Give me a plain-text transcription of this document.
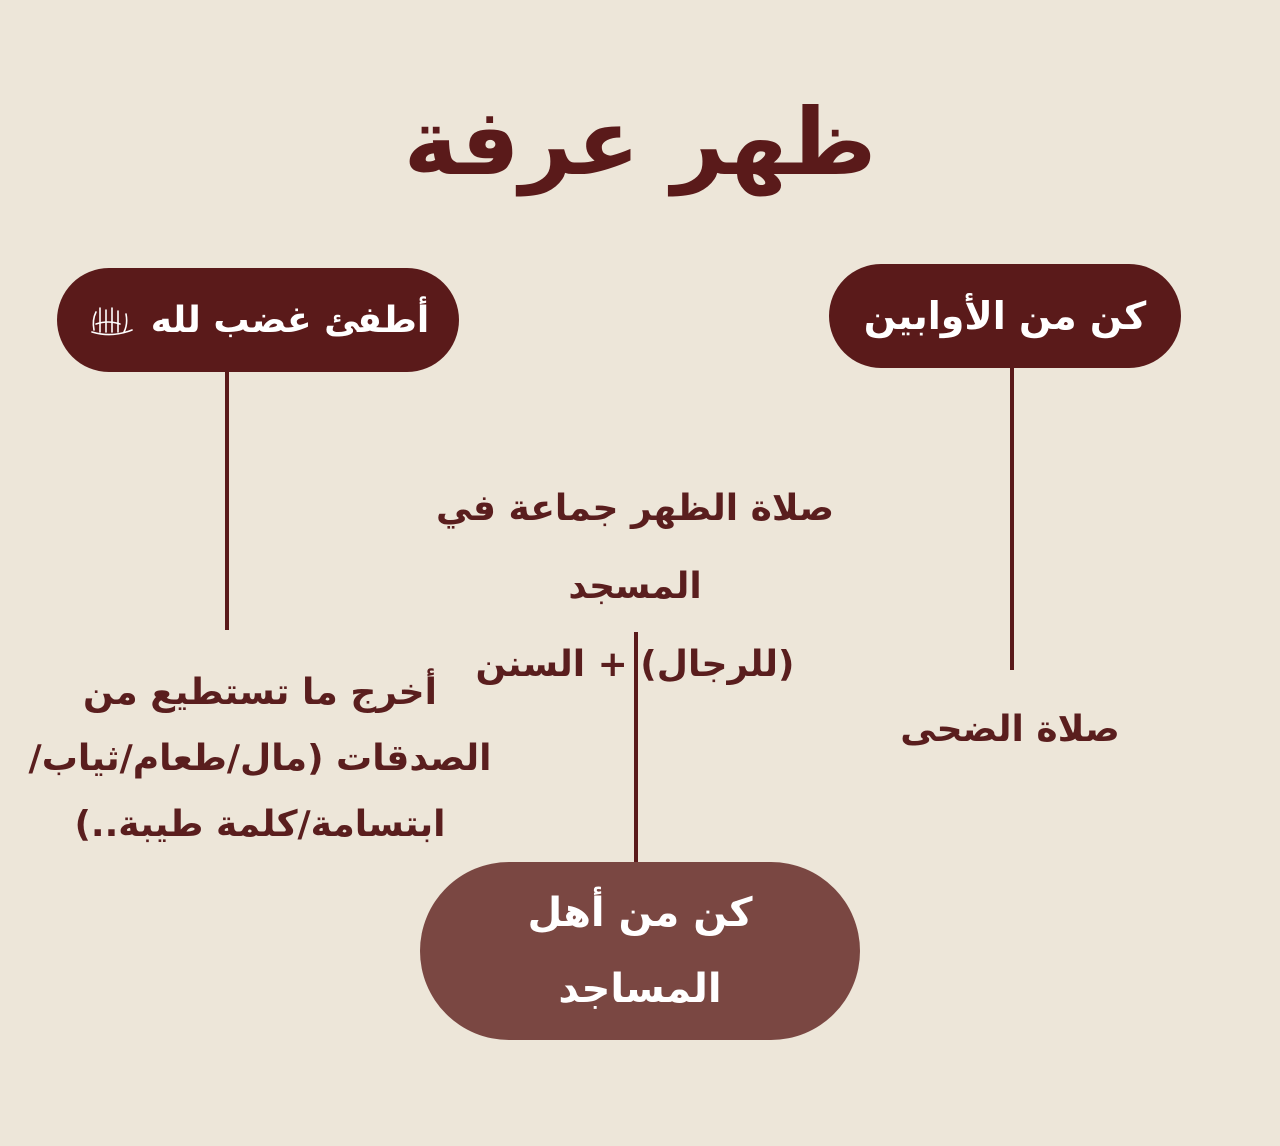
ظهر عرفة
أطفئ غضب لله	كن من الأوابين
صلاة الظهر جماعة في المسجد
(للرجال) + السنن
أخرج ما تستطيع من
الصدقات (مال/طعام/ثياب/
ابتسامة/كلمة طيبة..)
صلاة الضحى
كن من أهل
المساجد
